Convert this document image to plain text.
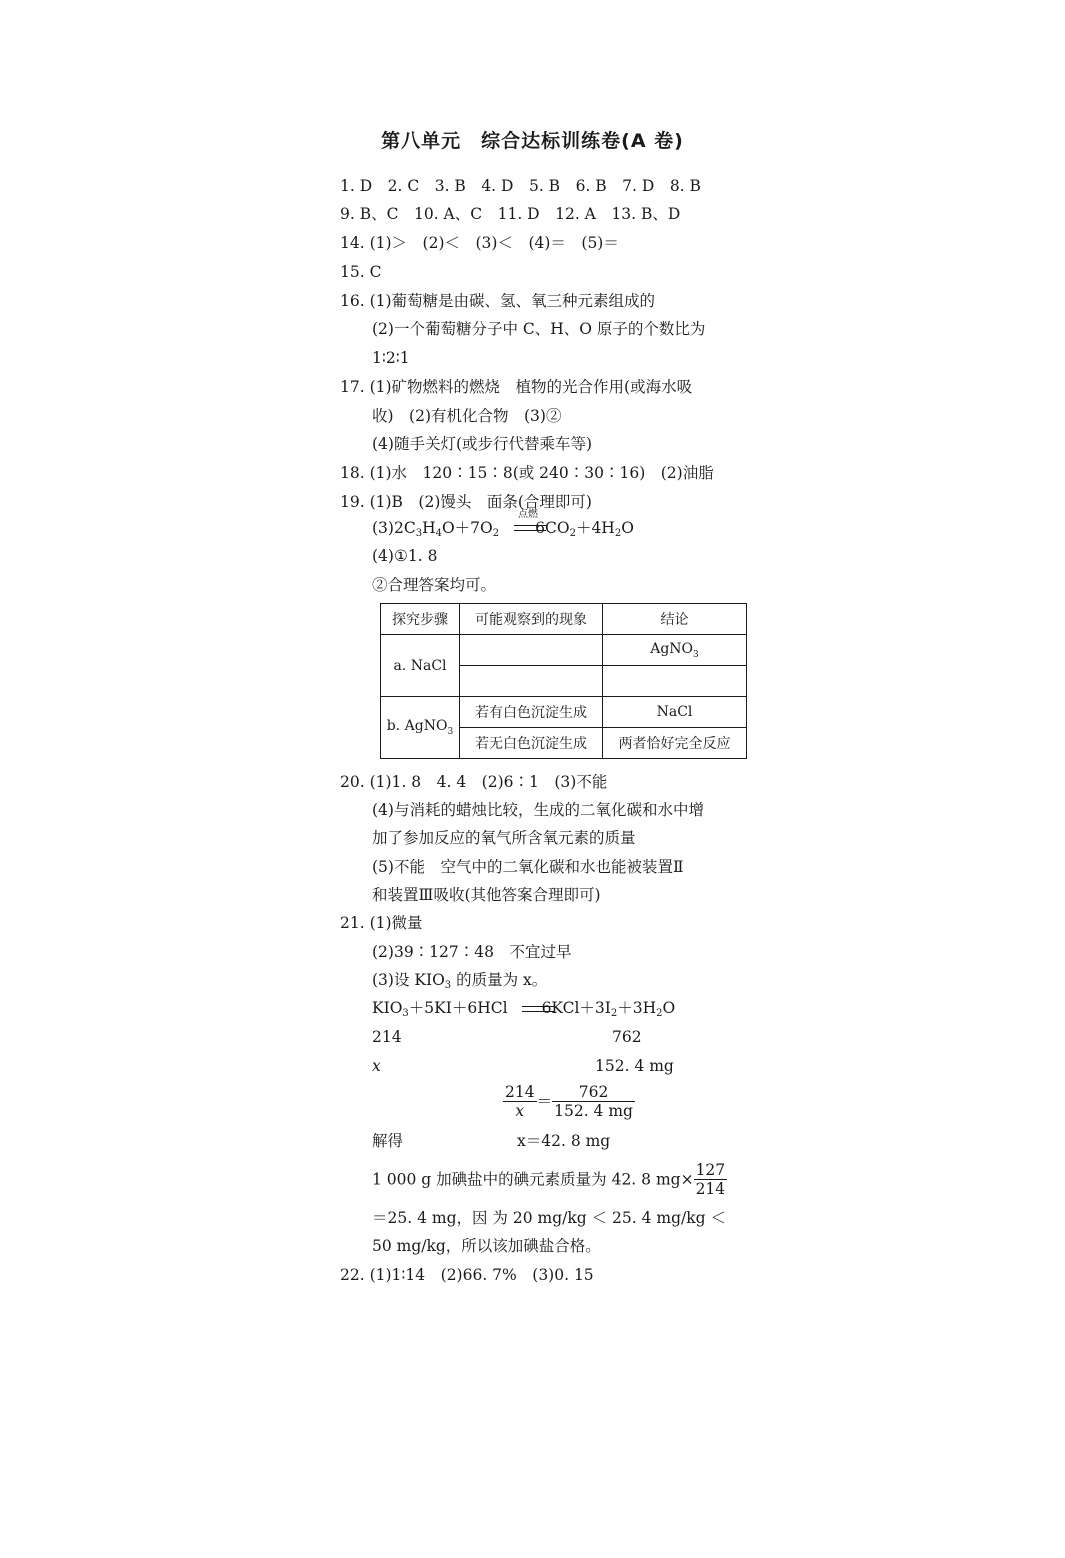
第八单元　综合达标训练卷(A 卷)
1. D　2. C　3. B　4. D　5. B　6. B　7. D　8. B
9. B、C　10. A、C　11. D　12. A　13. B、D
14. (1)＞　(2)＜　(3)＜　(4)＝　(5)＝
15. C
16. (1)葡萄糖是由碳、氢、氧三种元素组成的
(2)一个葡萄糖分子中 C、H、O 原子的个数比为
1∶2∶1
17. (1)矿物燃料的燃烧　植物的光合作用(或海水吸
收)　(2)有机化合物　(3)②
(4)随手关灯(或步行代替乘车等)
18. (1)水　120∶15∶8(或 240∶30∶16)　(2)油脂
19. (1)B　(2)馒头　面条(合理即可)
$(3)2C_3H_4O+7O_2$ $6CO_2+4H_2O$
点燃
(4)①1. 8
②合理答案均可。
探究步骤	可能观察到的现象	结论
a. NaCl		AgNO$_3$

b. AgNO$_3$	若有白色沉淀生成	NaCl
	若无白色沉淀生成	两者恰好完全反应
20. (1)1. 8　4. 4　(2)6∶1　(3)不能
(4)与消耗的蜡烛比较，生成的二氧化碳和水中增
加了参加反应的氧气所含氧元素的质量
(5)不能　空气中的二氧化碳和水也能被装置Ⅱ
和装置Ⅲ吸收(其他答案合理即可)
21. (1)微量
(2)39∶127∶48　不宜过早
(3)设 $KIO_3$ 的质量为 x。
$KIO_3+5KI+6HCl$ $6KCl+3I_2+3H_2O$
214	762
x	152. 4 mg
$\frac{214}{x} = \frac{762}{152. 4 mg}$
解得	x＝42. 8 mg
1 000 g 加碘盐中的碘元素质量为 42. 8 $mg\times \frac{127}{214}$
＝25. 4 mg，因 为 20 mg/kg ＜ 25. 4 mg/kg ＜
50 mg/kg，所以该加碘盐合格。
22. (1)1∶14　(2)66. 7%　(3)0. 15
